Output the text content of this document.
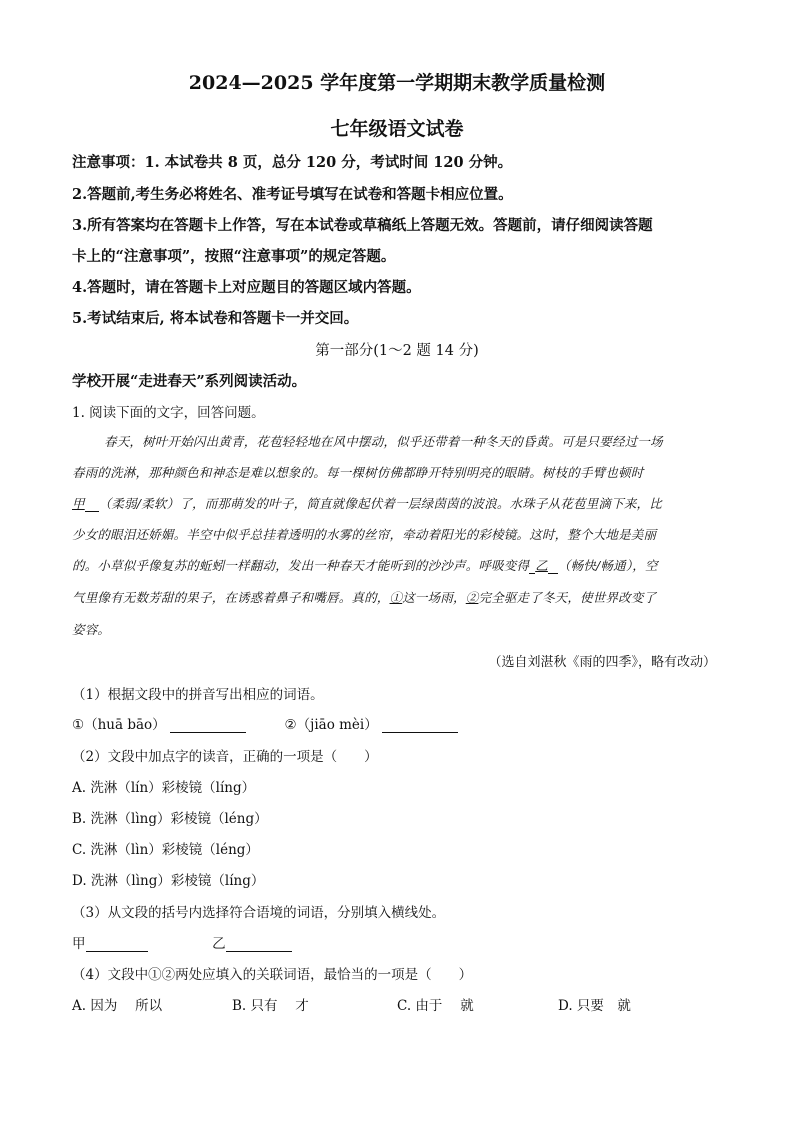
2024—2025 学年度第一学期期末教学质量检测
七年级语文试卷
注意事项：1. 本试卷共 8 页，总分 120 分，考试时间 120 分钟。
2.答题前,考生务必将姓名、准考证号填写在试卷和答题卡相应位置。
3.所有答案均在答题卡上作答，写在本试卷或草稿纸上答题无效。答题前，请仔细阅读答题
卡上的“注意事项”，按照“注意事项”的规定答题。
4.答题时，请在答题卡上对应题目的答题区域内答题。
5.考试结束后, 将本试卷和答题卡一并交回。
第一部分(1～2 题 14 分)
学校开展“走进春天”系列阅读活动。
1. 阅读下面的文字，回答问题。
春天，树叶开始闪出黄青，花苞轻轻地在风中摆动，似乎还带着一种冬天的昏黄。可是只要经过一场
春雨的洗淋，那种颜色和神态是难以想象的。每一棵树仿佛都睁开特别明亮的眼睛。树枝的手臂也顿时
甲 （柔弱/柔软）了，而那萌发的叶子，简直就像起伏着一层绿茵茵的波浪。水珠子从花苞里滴下来，比
少女的眼泪还娇媚。半空中似乎总挂着透明的水雾的丝帘，牵动着阳光的彩棱镜。这时，整个大地是美丽
的。小草似乎像复苏的蚯蚓一样翻动，发出一种春天才能听到的沙沙声。呼吸变得 乙 （畅快/畅通），空
气里像有无数芳甜的果子，在诱惑着鼻子和嘴唇。真的，①这一场雨，②完全驱走了冬天，使世界改变了
姿容。
（选自刘湛秋《雨的四季》，略有改动）
（1）根据文段中的拼音写出相应的词语。
①（huā bāo）	②（jiāo mèi）
（2）文段中加点字的读音，正确的一项是（　　）
A. 洗淋（lín）彩棱镜（líng）
B. 洗淋（lìng）彩棱镜（léng）
C. 洗淋（lìn）彩棱镜（léng）
D. 洗淋（lìng）彩棱镜（líng）
（3）从文段的括号内选择符合语境的词语，分别填入横线处。
甲	乙
（4）文段中①②两处应填入的关联词语，最恰当的一项是（　　）
A. 因为　 所以	B. 只有　 才	C. 由于　 就	D. 只要　就
